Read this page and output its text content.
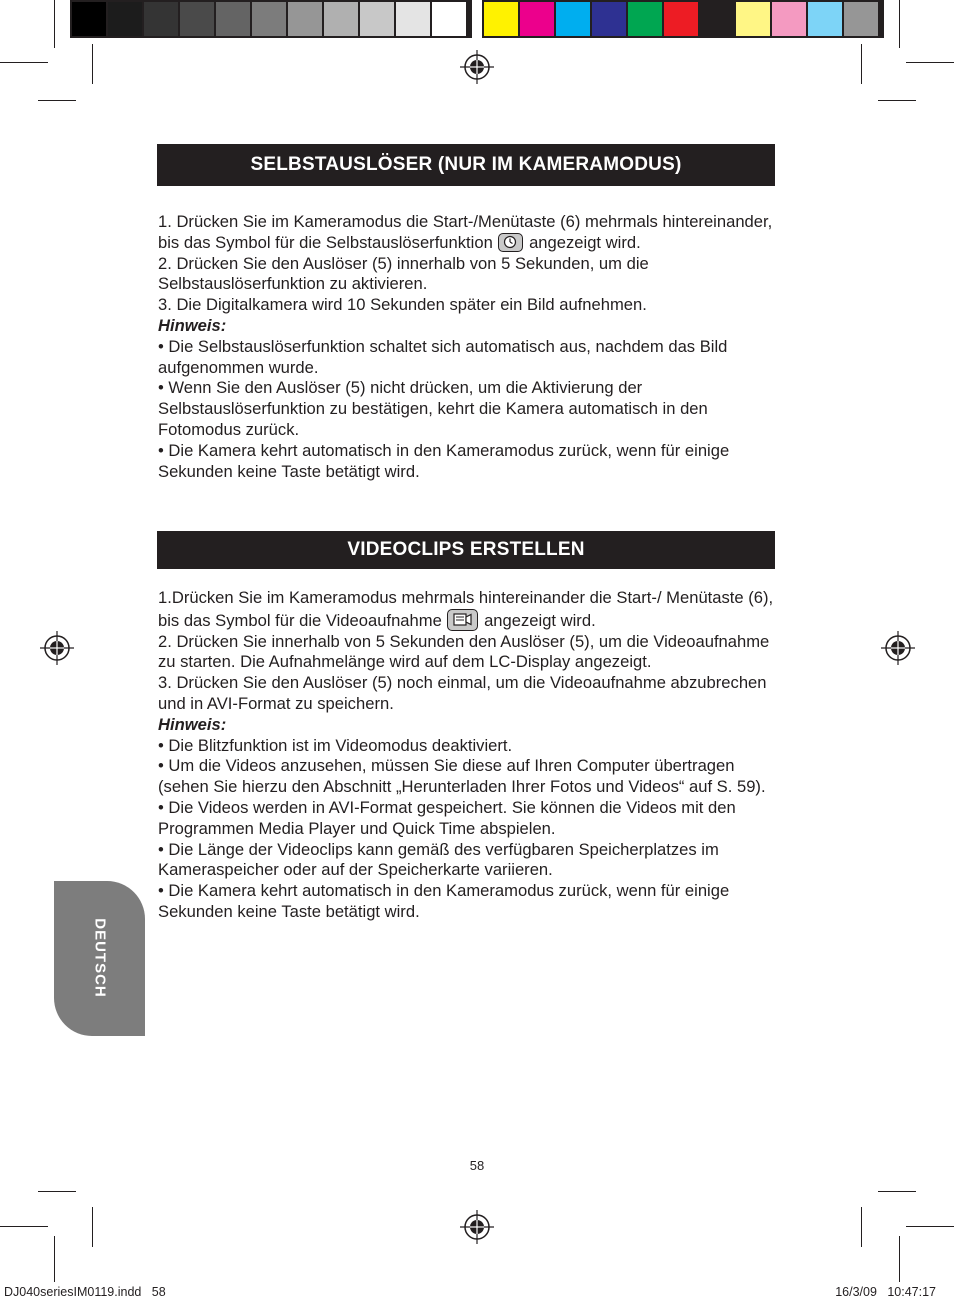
SELBSTAUSLÖSER (NUR IM KAMERAMODUS)

1. Drücken Sie im Kameramodus die Start-/Menütaste (6) mehrmals hintereinander, bis das Symbol für die Selbstauslöserfunktion angezeigt wird.

2. Drücken Sie den Auslöser (5) innerhalb von 5 Sekunden, um die Selbstauslöserfunktion zu aktivieren.

3. Die Digitalkamera wird 10 Sekunden später ein Bild aufnehmen.

Hinweis:

• Die Selbstauslöserfunktion schaltet sich automatisch aus, nachdem das Bild aufgenommen wurde.

• Wenn Sie den Auslöser (5) nicht drücken, um die Aktivierung der Selbstauslöserfunktion zu bestätigen, kehrt die Kamera automatisch in den Fotomodus zurück.

• Die Kamera kehrt automatisch in den Kameramodus zurück, wenn für einige Sekunden keine Taste betätigt wird.

VIDEOCLIPS ERSTELLEN

1.Drücken Sie im Kameramodus mehrmals hintereinander die Start-/ Menütaste (6), bis das Symbol für die Videoaufnahme	angezeigt wird.

2. Drücken Sie innerhalb von 5 Sekunden den Auslöser (5), um die Videoaufnahme zu starten. Die Aufnahmelänge wird auf dem LC-Display angezeigt.

3. Drücken Sie den Auslöser (5) noch einmal, um die Videoaufnahme abzubrechen und in AVI-Format zu speichern.

Hinweis:

• Die Blitzfunktion ist im Videomodus deaktiviert.

• Um die Videos anzusehen, müssen Sie diese auf Ihren Computer übertragen (sehen Sie hierzu den Abschnitt „Herunterladen Ihrer Fotos und Videos“ auf S. 59).

• Die Videos werden in AVI-Format gespeichert. Sie können die Videos mit den Programmen Media Player und Quick Time abspielen.

• Die Länge der Videoclips kann gemäß des verfügbaren Speicherplatzes im Kameraspeicher oder auf der Speicherkarte variieren.

• Die Kamera kehrt automatisch in den Kameramodus zurück, wenn für einige Sekunden keine Taste betätigt wird.

DEUTSCH
58
DJ040seriesIM0119.indd   58	16/3/09   10:47:17
